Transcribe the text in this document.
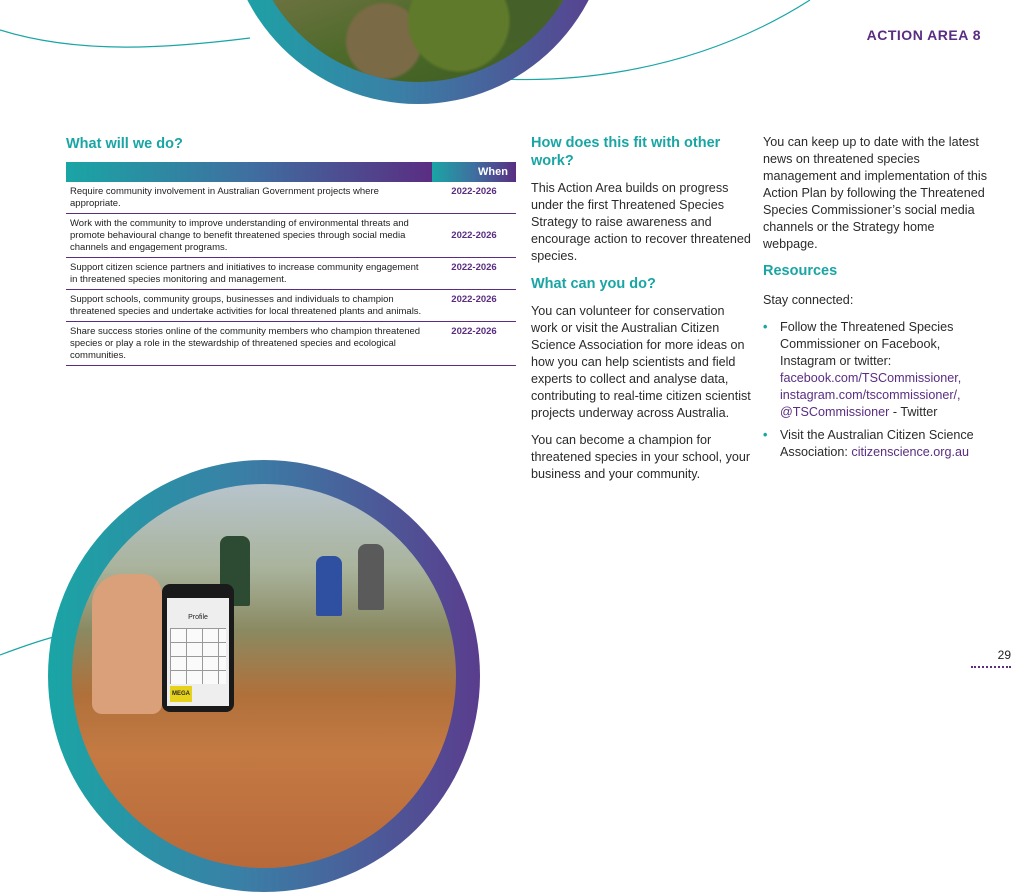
Profile
MEGA
ACTION AREA 8
What will we do?
	When
Require community involvement in Australian Government projects where appropriate.	2022-2026
Work with the community to improve understanding of environmental threats and promote behavioural change to benefit threatened species through social media channels and engagement programs.	2022-2026
Support citizen science partners and initiatives to increase community engagement in threatened species monitoring and management.	2022-2026
Support schools, community groups, businesses and individuals to champion threatened species and undertake activities for local threatened plants and animals.	2022-2026
Share success stories online of the community members who champion threatened species or play a role in the stewardship of threatened species and ecological communities.	2022-2026
How does this fit with other work?

This Action Area builds on progress under the first Threatened Species Strategy to raise awareness and encourage action to recover threatened species.

What can you do?

You can volunteer for conservation work or visit the Australian Citizen Science Association for more ideas on how you can help scientists and field experts to collect and analyse data, contributing to real-time citizen scientist projects underway across Australia.

You can become a champion for threatened species in your school, your business and your community.

You can keep up to date with the latest news on threatened species management and implementation of this Action Plan by following the Threatened Species Commissioner’s social media channels or the Strategy home webpage.

Resources

Stay connected:

• Follow the Threatened Species Commissioner on Facebook, Instagram or twitter: facebook.com/TSCommissioner, instagram.com/tscommissioner/, @TSCommissioner - Twitter
• Visit the Australian Citizen Science Association: citizenscience.org.au
29
